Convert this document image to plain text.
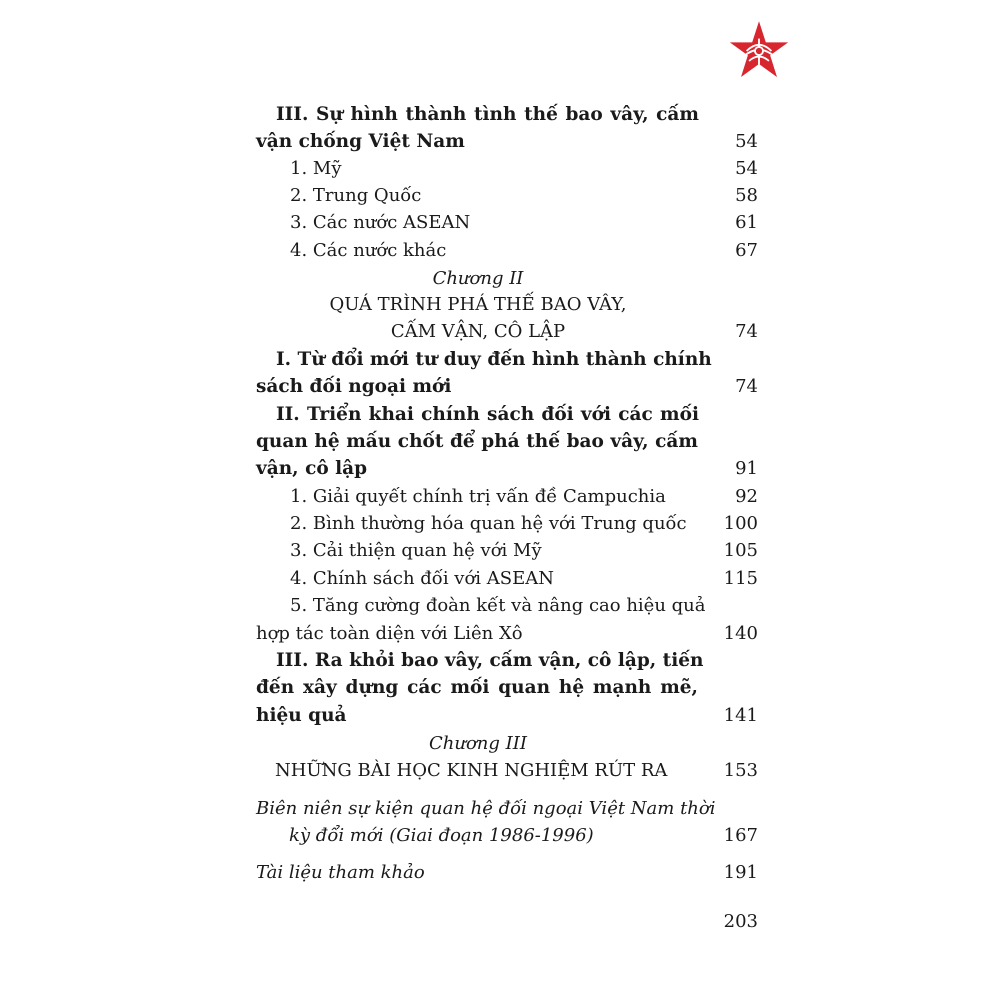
III. Sự hình thành tình thế bao vây, cấm
vận chống Việt Nam	54
1. Mỹ	54
2. Trung Quốc	58
3. Các nước ASEAN	61
4. Các nước khác	67
Chương II
QUÁ TRÌNH PHÁ THẾ BAO VÂY,
CẤM VẬN, CÔ LẬP	74
I. Từ đổi mới tư duy đến hình thành chính
sách đối ngoại mới	74
II. Triển khai chính sách đối với các mối
quan hệ mấu chốt để phá thế bao vây, cấm
vận, cô lập	91
1. Giải quyết chính trị vấn đề Campuchia	92
2. Bình thường hóa quan hệ với Trung quốc 100
3. Cải thiện quan hệ với Mỹ	105
4. Chính sách đối với ASEAN	115
5. Tăng cường đoàn kết và nâng cao hiệu quả
hợp tác toàn diện với Liên Xô	140
III. Ra khỏi bao vây, cấm vận, cô lập, tiến
đến xây dựng các mối quan hệ mạnh mẽ,
hiệu quả	141
Chương III
NHỮNG BÀI HỌC KINH NGHIỆM RÚT RA	153
Biên niên sự kiện quan hệ đối ngoại Việt Nam thời
kỳ đổi mới (Giai đoạn 1986-1996)	167
Tài liệu tham khảo	191
203
